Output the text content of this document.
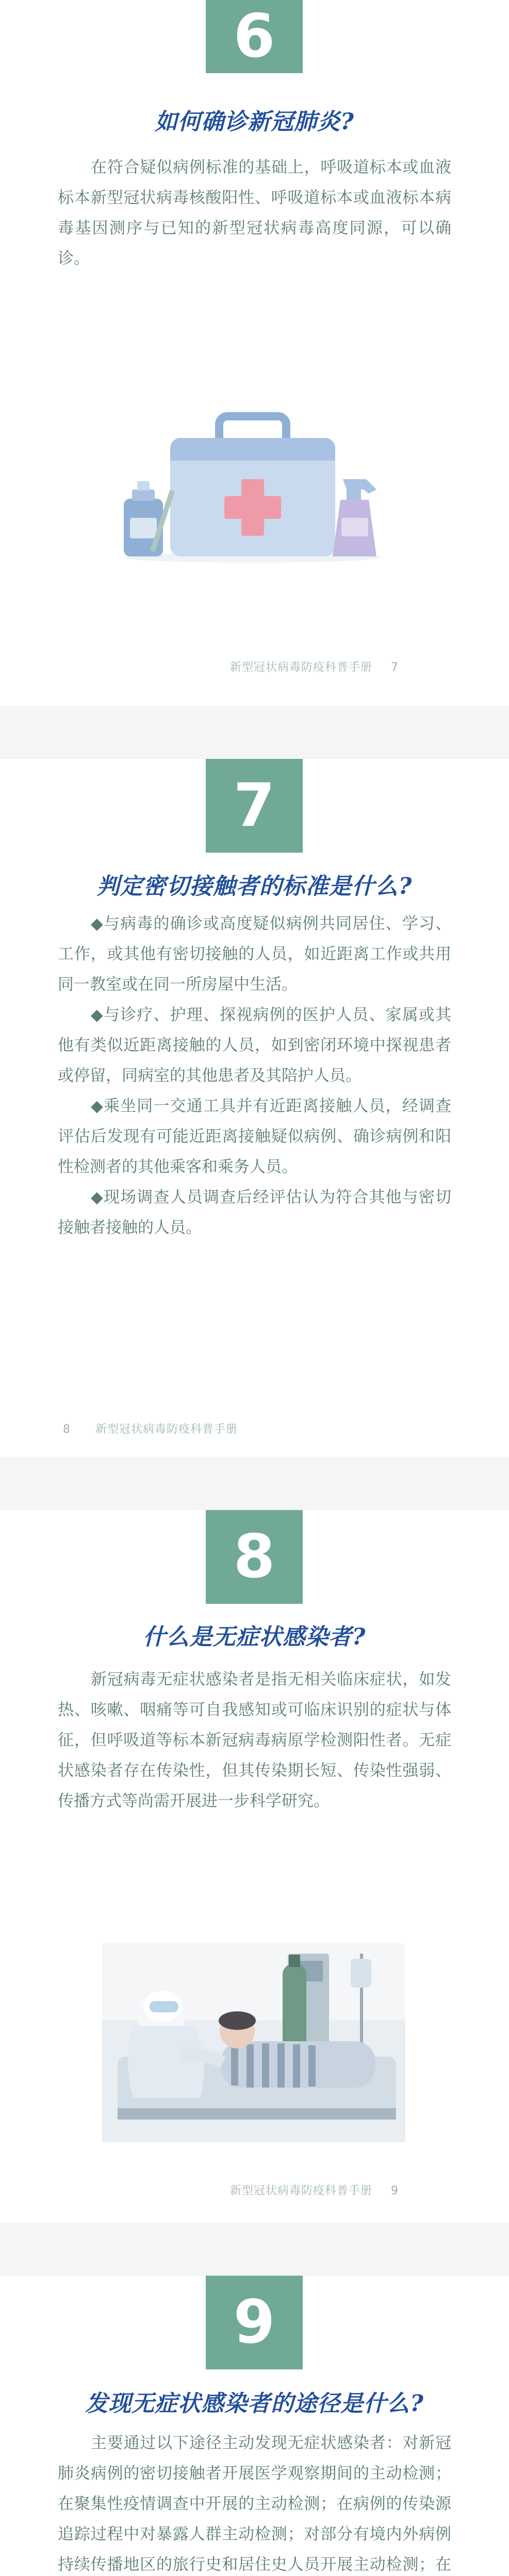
6
如何确诊新冠肺炎?

在符合疑似病例标准的基础上，呼吸道标本或血液标本新型冠状病毒核酸阳性、呼吸道标本或血液标本病毒基因测序与已知的新型冠状病毒高度同源，可以确诊。

新型冠状病毒防疫科普手册 7
7
判定密切接触者的标准是什么?

◆与病毒的确诊或高度疑似病例共同居住、学习、工作，或其他有密切接触的人员，如近距离工作或共用同一教室或在同一所房屋中生活。

◆与诊疗、护理、探视病例的医护人员、家属或其他有类似近距离接触的人员，如到密闭环境中探视患者或停留，同病室的其他患者及其陪护人员。

◆乘坐同一交通工具并有近距离接触人员，经调查评估后发现有可能近距离接触疑似病例、确诊病例和阳性检测者的其他乘客和乘务人员。

◆现场调查人员调查后经评估认为符合其他与密切接触者接触的人员。

8 新型冠状病毒防疫科普手册
8
什么是无症状感染者?

新冠病毒无症状感染者是指无相关临床症状，如发热、咳嗽、咽痛等可自我感知或可临床识别的症状与体征，但呼吸道等标本新冠病毒病原学检测阳性者。无症状感染者存在传染性，但其传染期长短、传染性强弱、传播方式等尚需开展进一步科学研究。

新型冠状病毒防疫科普手册 9
9
发现无症状感染者的途径是什么?

主要通过以下途径主动发现无症状感染者：对新冠肺炎病例的密切接触者开展医学观察期间的主动检测；在聚集性疫情调查中开展的主动检测；在病例的传染源追踪过程中对暴露人群主动检测；对部分有境内外病例持续传播地区的旅行史和居住史人员开展主动检测；在
